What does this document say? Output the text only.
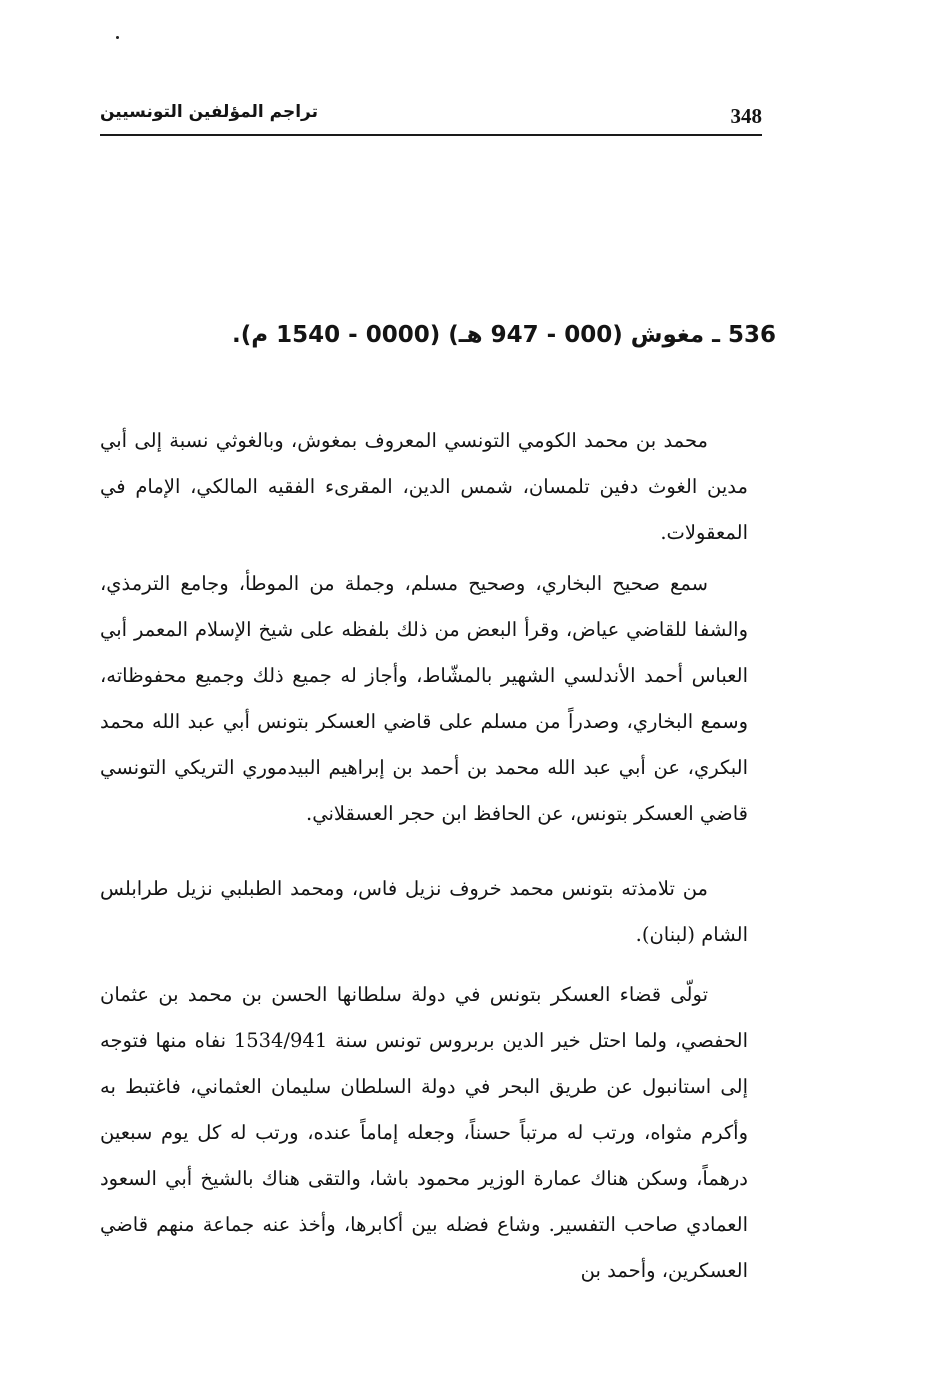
348
تراجم المؤلفين التونسيين
536 ـ مغوش (000 - 947 هـ) (0000 - 1540 م).

محمد بن محمد الكومي التونسي المعروف بمغوش، وبالغوثي نسبة إلى أبي مدين الغوث دفين تلمسان، شمس الدين، المقرىء الفقيه المالكي، الإمام في المعقولات.

سمع صحيح البخاري، وصحيح مسلم، وجملة من الموطأ، وجامع الترمذي، والشفا للقاضي عياض، وقرأ البعض من ذلك بلفظه على شيخ الإسلام المعمر أبي العباس أحمد الأندلسي الشهير بالمشّاط، وأجاز له جميع ذلك وجميع محفوظاته، وسمع البخاري، وصدراً من مسلم على قاضي العسكر بتونس أبي عبد الله محمد البكري، عن أبي عبد الله محمد بن أحمد بن إبراهيم البيدموري التريكي التونسي قاضي العسكر بتونس، عن الحافظ ابن حجر العسقلاني.

من تلامذته بتونس محمد خروف نزيل فاس، ومحمد الطبلبي نزيل طرابلس الشام (لبنان).

تولّى قضاء العسكر بتونس في دولة سلطانها الحسن بن محمد بن عثمان الحفصي، ولما احتل خير الدين بربروس تونس سنة 1534/941 نفاه منها فتوجه إلى استانبول عن طريق البحر في دولة السلطان سليمان العثماني، فاغتبط به وأكرم مثواه، ورتب له مرتباً حسناً، وجعله إماماً عنده، ورتب له كل يوم سبعين درهماً، وسكن هناك عمارة الوزير محمود باشا، والتقى هناك بالشيخ أبي السعود العمادي صاحب التفسير. وشاع فضله بين أكابرها، وأخذ عنه جماعة منهم قاضي العسكرين، وأحمد بن
